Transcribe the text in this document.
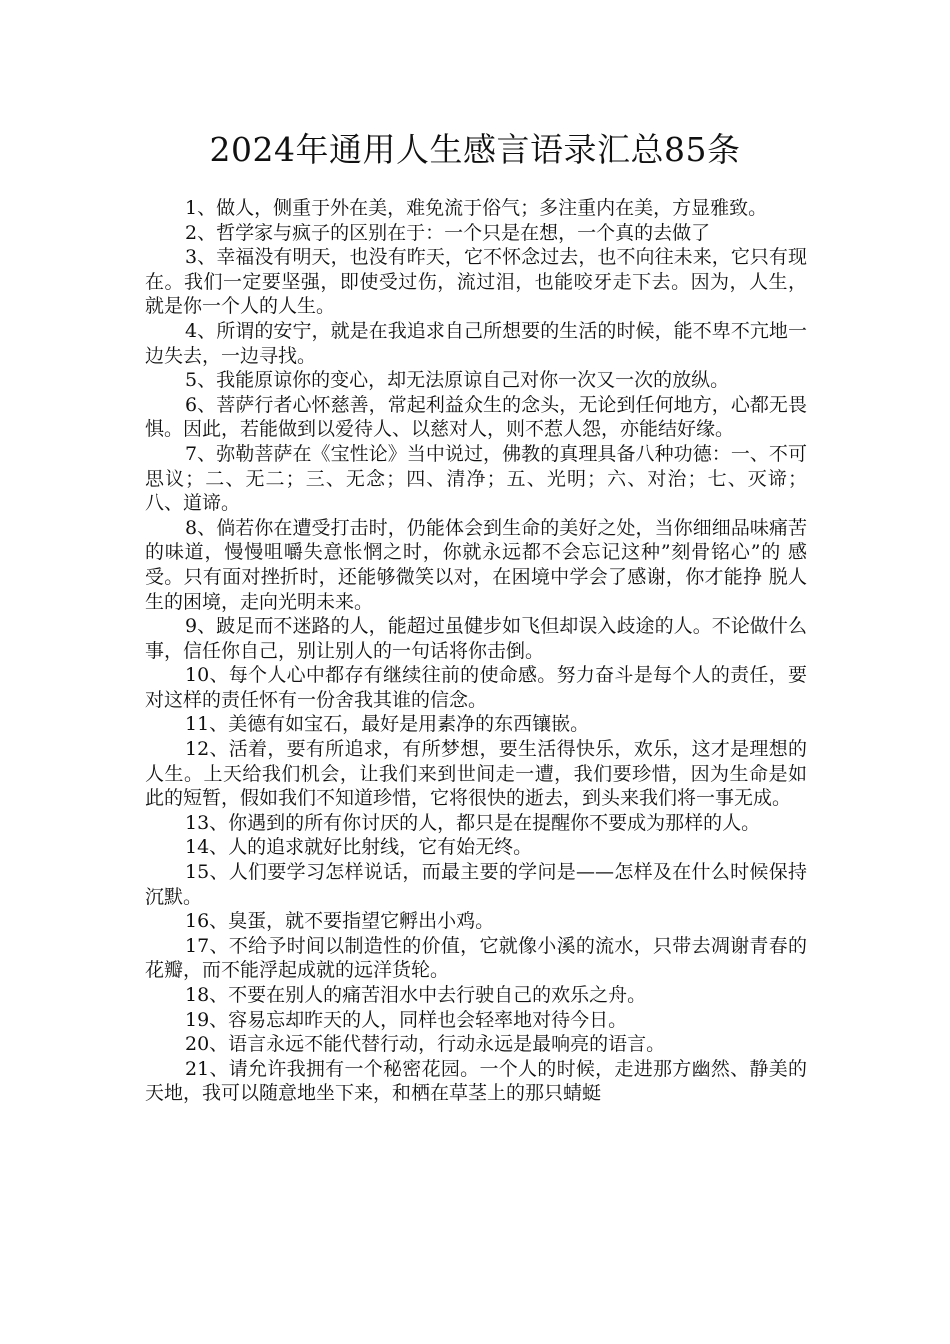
2024年通用人生感言语录汇总85条

1、做人，侧重于外在美，难免流于俗气；多注重内在美，方显雅致。

2、哲学家与疯子的区别在于：一个只是在想，一个真的去做了

3、幸福没有明天，也没有昨天，它不怀念过去，也不向往未来，它只有现在。我们一定要坚强，即使受过伤，流过泪，也能咬牙走下去。因为，人生，就是你一个人的人生。

4、所谓的安宁，就是在我追求自己所想要的生活的时候，能不卑不亢地一边失去，一边寻找。

5、我能原谅你的变心，却无法原谅自己对你一次又一次的放纵。

6、菩萨行者心怀慈善，常起利益众生的念头，无论到任何地方，心都无畏惧。因此，若能做到以爱待人、以慈对人，则不惹人怨，亦能结好缘。

7、弥勒菩萨在《宝性论》当中说过，佛教的真理具备八种功德：一、不可思议；二、无二；三、无念；四、清净；五、光明；六、对治；七、灭谛；八、道谛。

8、倘若你在遭受打击时，仍能体会到生命的美好之处，当你细细品味痛苦 的味道，慢慢咀嚼失意怅惘之时，你就永远都不会忘记这种”刻骨铭心”的 感受。只有面对挫折时，还能够微笑以对，在困境中学会了感谢，你才能挣 脱人生的困境，走向光明未来。

9、跛足而不迷路的人，能超过虽健步如飞但却误入歧途的人。不论做什么事，信任你自己，别让别人的一句话将你击倒。

10、每个人心中都存有继续往前的使命感。努力奋斗是每个人的责任，要对这样的责任怀有一份舍我其谁的信念。

11、美德有如宝石，最好是用素净的东西镶嵌。

12、活着，要有所追求，有所梦想，要生活得快乐，欢乐，这才是理想的人生。上天给我们机会，让我们来到世间走一遭，我们要珍惜，因为生命是如此的短暂，假如我们不知道珍惜，它将很快的逝去，到头来我们将一事无成。

13、你遇到的所有你讨厌的人，都只是在提醒你不要成为那样的人。

14、人的追求就好比射线，它有始无终。

15、人们要学习怎样说话，而最主要的学问是——怎样及在什么时候保持沉默。

16、臭蛋，就不要指望它孵出小鸡。

17、不给予时间以制造性的价值，它就像小溪的流水，只带去凋谢青春的花瓣，而不能浮起成就的远洋货轮。

18、不要在别人的痛苦泪水中去行驶自己的欢乐之舟。

19、容易忘却昨天的人，同样也会轻率地对待今日。

20、语言永远不能代替行动，行动永远是最响亮的语言。

21、请允许我拥有一个秘密花园。一个人的时候，走进那方幽然、静美的天地，我可以随意地坐下来，和栖在草茎上的那只蜻蜓
